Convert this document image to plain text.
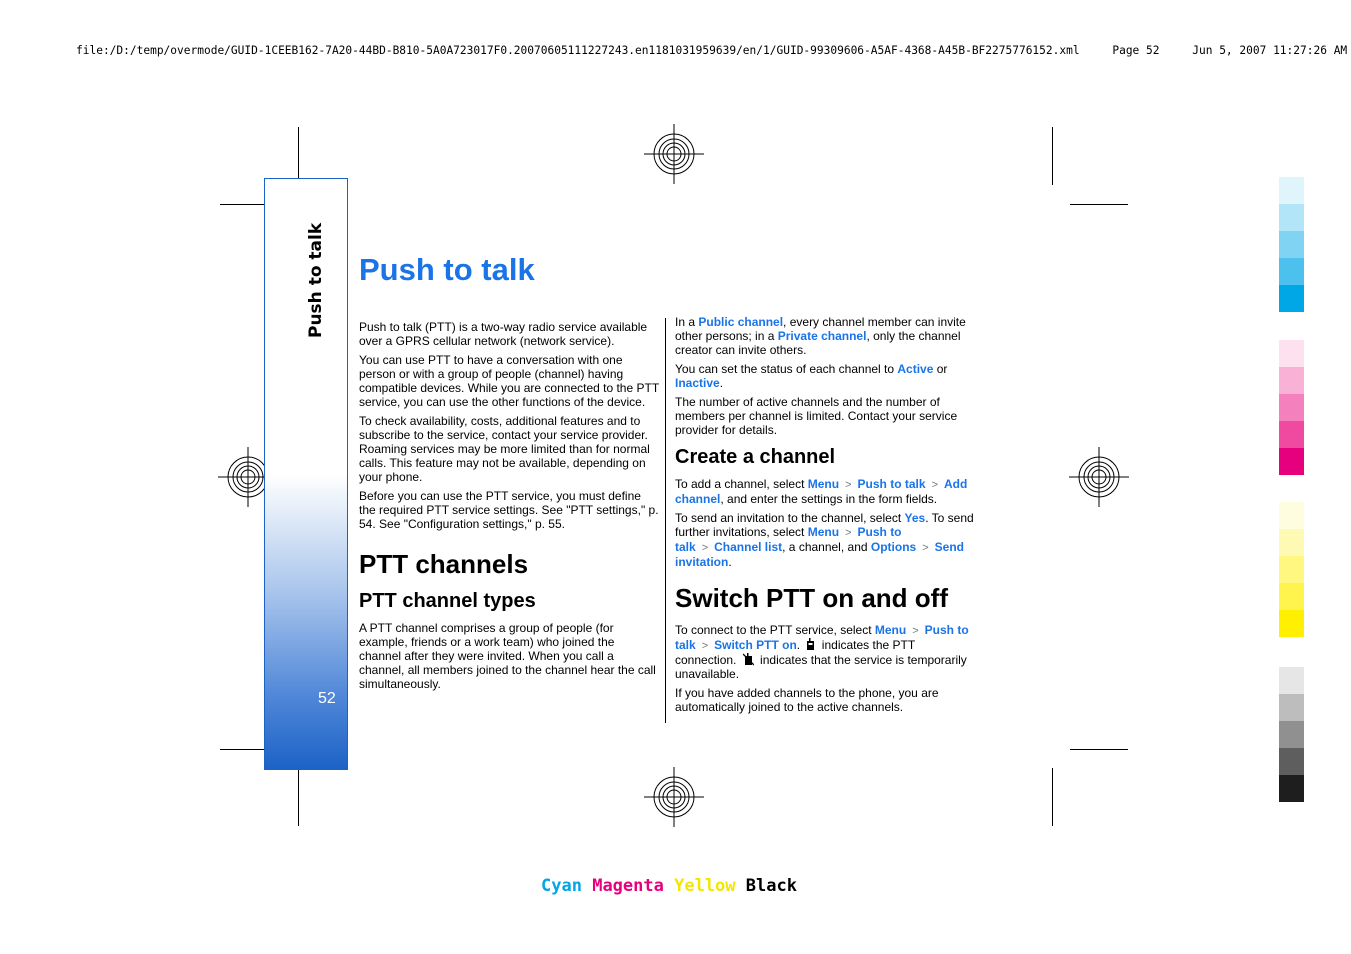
file:/D:/temp/overmode/GUID-1CEEB162-7A20-44BD-B810-5A0A723017F0.20070605111227243.en1181031959639/en/1/GUID-99309606-A5AF-4368-A45B-BF2275776152.xml	Page 52	Jun 5, 2007 11:27:26 AM
Push to talk
52
Push to talk

Push to talk (PTT) is a two-way radio service available over a GPRS cellular network (network service).

You can use PTT to have a conversation with one person or with a group of people (channel) having compatible devices. While you are connected to the PTT service, you can use the other functions of the device.

To check availability, costs, additional features and to subscribe to the service, contact your service provider. Roaming services may be more limited than for normal calls. This feature may not be available, depending on your phone.

Before you can use the PTT service, you must define the required PTT service settings. See "PTT settings," p. 54. See "Configuration settings," p. 55.

PTT channels
PTT channel types

A PTT channel comprises a group of people (for example, friends or a work team) who joined the channel after they were invited. When you call a channel, all members joined to the channel hear the call simultaneously.

In a Public channel, every channel member can invite other persons; in a Private channel, only the channel creator can invite others.

You can set the status of each channel to Active or Inactive.

The number of active channels and the number of members per channel is limited. Contact your service provider for details.

Create a channel

To add a channel, select Menu > Push to talk > Add channel, and enter the settings in the form fields.

To send an invitation to the channel, select Yes. To send further invitations, select Menu > Push to talk > Channel list, a channel, and Options > Send invitation.

Switch PTT on and off

To connect to the PTT service, select Menu > Push to talk > Switch PTT on.  indicates the PTT connection.  indicates that the service is temporarily unavailable.

If you have added channels to the phone, you are automatically joined to the active channels.

Cyan Magenta Yellow Black
